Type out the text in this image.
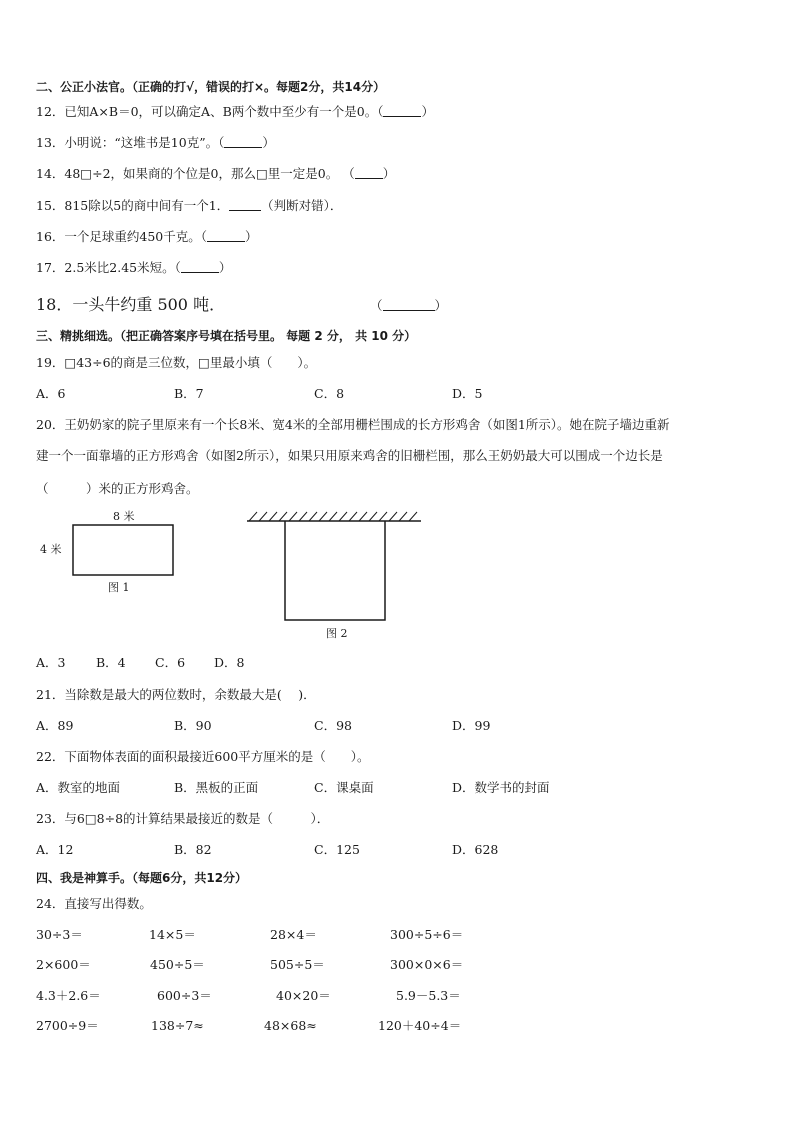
二、公正小法官。（正确的打√，错误的打×。每题2分，共14分）
12．已知A×B＝0，可以确定A、B两个数中至少有一个是0。（	）
13．小明说：“这堆书是10克”。（	）
14．48□÷2，如果商的个位是0，那么□里一定是0。 （ ）
15．815除以5的商中间有一个1．	（判断对错）．
16．一个足球重约450千克。（	）
17．2.5米比2.45米短。（	）
18．一头牛约重 500 吨．	（	）
三、精挑细选。（把正确答案序号填在括号里。 每题 2 分， 共 10 分）
19．□43÷6的商是三位数，□里最小填（　　）。
A．6	B．7	C．8	D．5
20．王奶奶家的院子里原来有一个长8米、宽4米的全部用栅栏围成的长方形鸡舍（如图1所示）。她在院子墙边重新
建一个一面靠墙的正方形鸡舍（如图2所示），如果只用原来鸡舍的旧栅栏围，那么王奶奶最大可以围成一个边长是
（　　　）米的正方形鸡舍。
8 米
4 米
图 1
图 2
A．3 B．4 C．6 D．8
21．当除数是最大的两位数时，余数最大是(　 )．
A．89	B．90	C．98	D．99
22．下面物体表面的面积最接近600平方厘米的是（　　）。
A．教室的地面	B．黑板的正面	C．课桌面	D．数学书的封面
23．与6□8÷8的计算结果最接近的数是（　　　）．
A．12	B．82	C．125	D．628
四、我是神算手。（每题6分，共12分）
24．直接写出得数。
30÷3＝	14×5＝	28×4＝	300÷5÷6＝
2×600＝	450÷5＝	505÷5＝	300×0×6＝
4.3＋2.6＝	600÷3＝	40×20＝	5.9－5.3＝
2700÷9＝	138÷7≈	48×68≈	120＋40÷4＝
